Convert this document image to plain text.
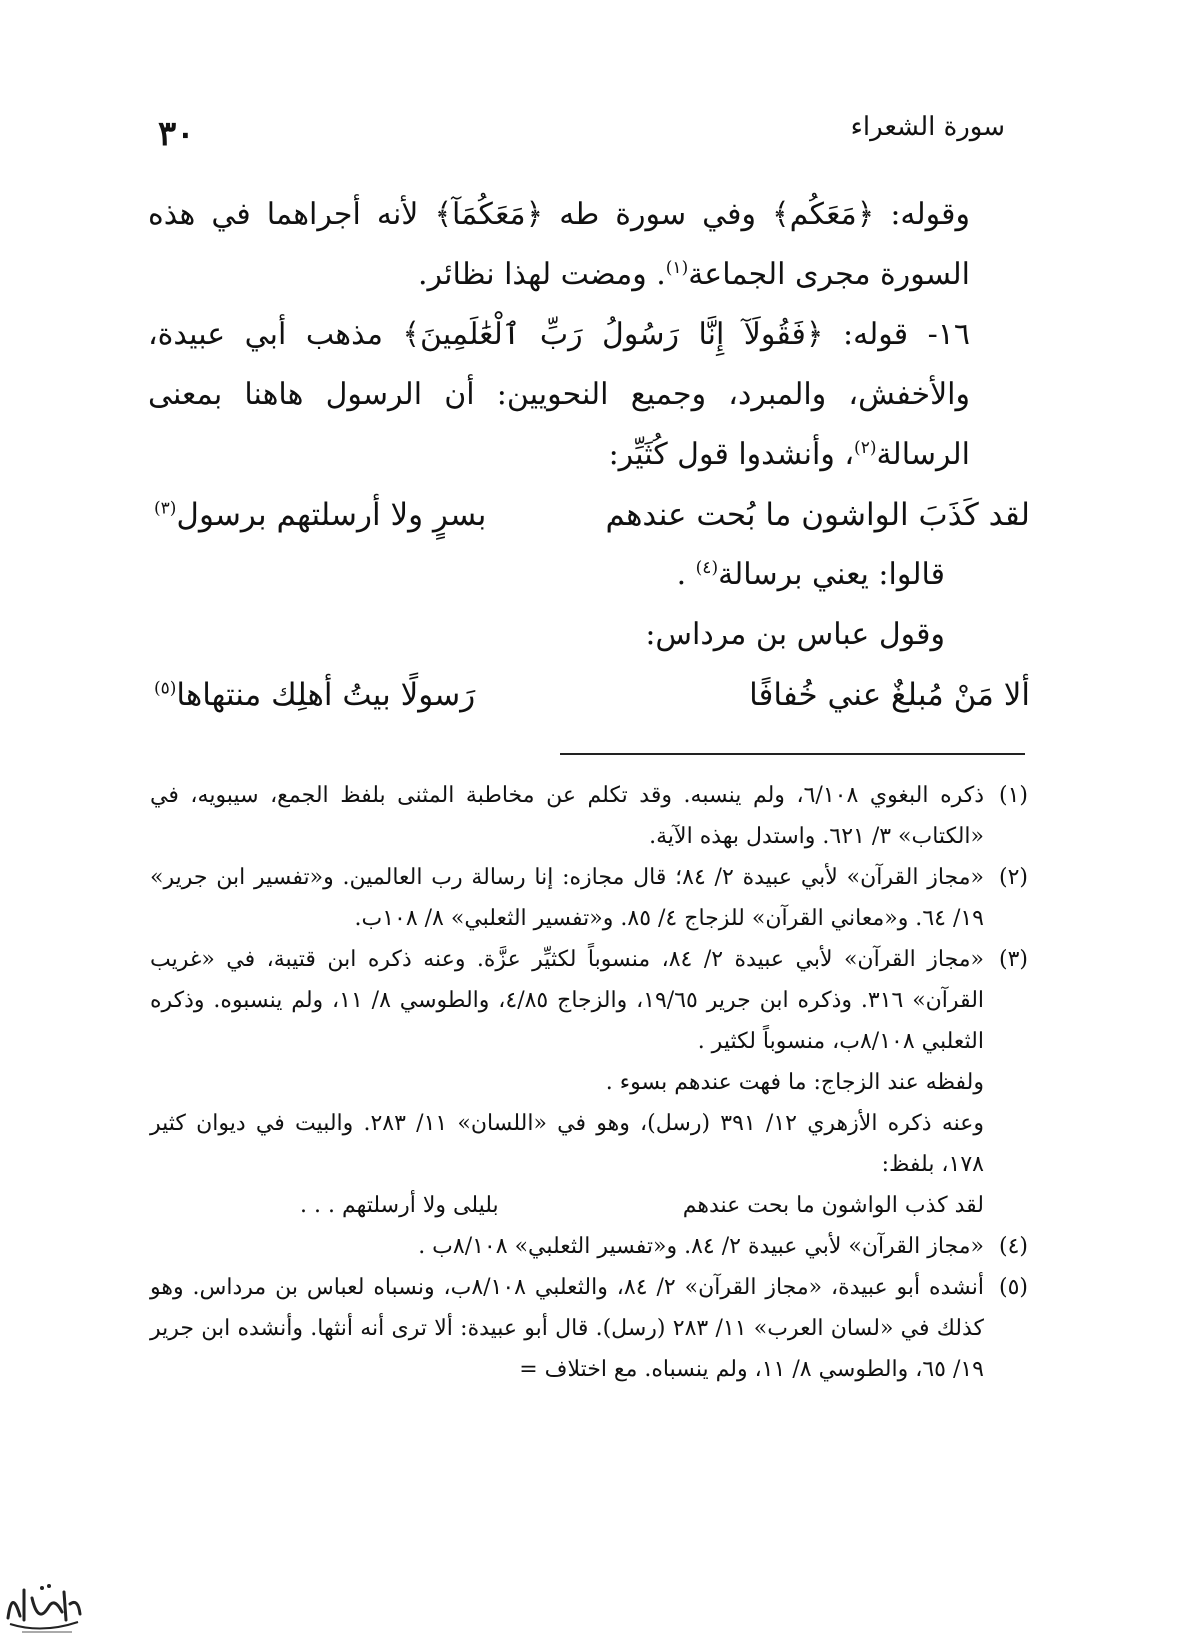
سورة الشعراء
٣٠

وقوله: ﴿مَعَكُم﴾ وفي سورة طه ﴿مَعَكُمَآ﴾ لأنه أجراهما في هذه السورة مجرى الجماعة$^{(١)}$. ومضت لهذا نظائر.

١٦- قوله: ﴿فَقُولَآ إِنَّا رَسُولُ رَبِّ ٱلْعَٰلَمِينَ﴾ مذهب أبي عبيدة، والأخفش، والمبرد، وجميع النحويين: أن الرسول هاهنا بمعنى الرسالة$^{(٢)}$، وأنشدوا قول كُثَيِّر:

لقد كَذَبَ الواشون ما بُحت عندهم
بسرٍ ولا أرسلتهم برسول$^{(٣)}$

قالوا: يعني برسالة$^{(٤)}$ .

وقول عباس بن مرداس:

ألا مَنْ مُبلغٌ عني خُفافًا
رَسولًا بيتُ أهلِك منتهاها$^{(٥)}$
(١)
ذكره البغوي ٦/١٠٨، ولم ينسبه. وقد تكلم عن مخاطبة المثنى بلفظ الجمع، سيبويه، في «الكتاب» ٣/ ٦٢١. واستدل بهذه الآية.
(٢)
«مجاز القرآن» لأبي عبيدة ٢/ ٨٤؛ قال مجازه: إنا رسالة رب العالمين. و«تفسير ابن جرير» ١٩/ ٦٤. و«معاني القرآن» للزجاج ٤/ ٨٥. و«تفسير الثعلبي» ٨/ ١٠٨ب.
(٣)
«مجاز القرآن» لأبي عبيدة ٢/ ٨٤، منسوباً لكثيِّر عزَّة. وعنه ذكره ابن قتيبة، في «غريب القرآن» ٣١٦. وذكره ابن جرير ١٩/٦٥، والزجاج ٤/٨٥، والطوسي ٨/ ١١، ولم ينسبوه. وذكره الثعلبي ٨/١٠٨ب، منسوباً لكثير .
ولفظه عند الزجاج: ما فهت عندهم بسوء .
وعنه ذكره الأزهري ١٢/ ٣٩١ (رسل)، وهو في «اللسان» ١١/ ٢٨٣. والبيت في ديوان كثير ١٧٨، بلفظ:
لقد كذب الواشون ما بحت عندهم
بليلى ولا أرسلتهم . . .
(٤)
«مجاز القرآن» لأبي عبيدة ٢/ ٨٤. و«تفسير الثعلبي» ٨/١٠٨ب .
(٥)
أنشده أبو عبيدة، «مجاز القرآن» ٢/ ٨٤، والثعلبي ٨/١٠٨ب، ونسباه لعباس بن مرداس. وهو كذلك في «لسان العرب» ١١/ ٢٨٣ (رسل). قال أبو عبيدة: ألا ترى أنه أنثها. وأنشده ابن جرير ١٩/ ٦٥، والطوسي ٨/ ١١، ولم ينسباه. مع اختلاف =
